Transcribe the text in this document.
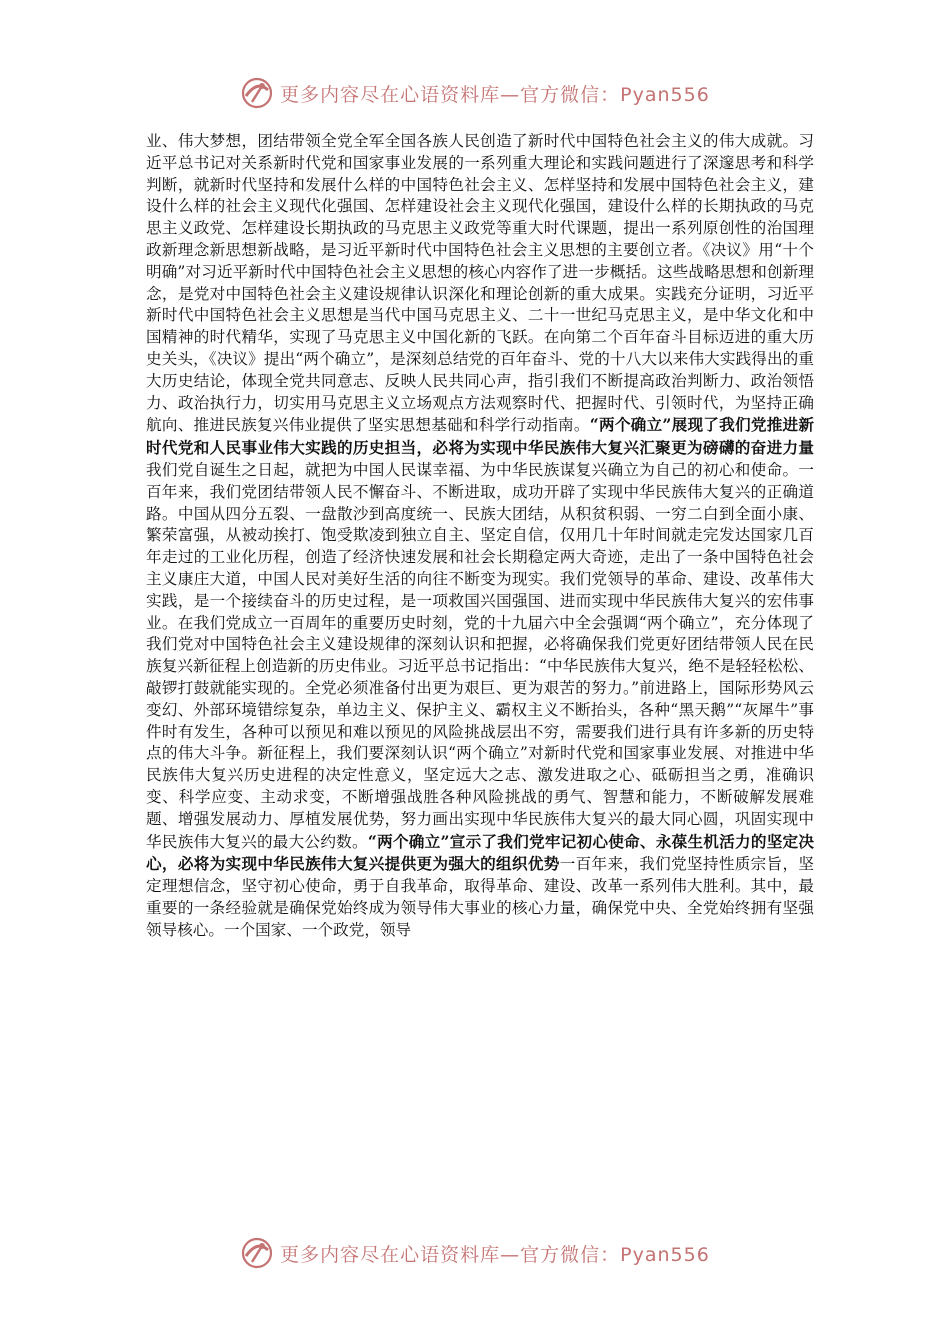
更多内容尽在心语资料库—官方微信：Pyan556

业、伟大梦想，团结带领全党全军全国各族人民创造了新时代中国特色社会主义的伟大成就。习近平总书记对关系新时代党和国家事业发展的一系列重大理论和实践问题进行了深邃思考和科学判断，就新时代坚持和发展什么样的中国特色社会主义、怎样坚持和发展中国特色社会主义，建设什么样的社会主义现代化强国、怎样建设社会主义现代化强国，建设什么样的长期执政的马克思主义政党、怎样建设长期执政的马克思主义政党等重大时代课题，提出一系列原创性的治国理政新理念新思想新战略，是习近平新时代中国特色社会主义思想的主要创立者。《决议》用“十个明确”对习近平新时代中国特色社会主义思想的核心内容作了进一步概括。这些战略思想和创新理念，是党对中国特色社会主义建设规律认识深化和理论创新的重大成果。实践充分证明，习近平新时代中国特色社会主义思想是当代中国马克思主义、二十一世纪马克思主义，是中华文化和中国精神的时代精华，实现了马克思主义中国化新的飞跃。在向第二个百年奋斗目标迈进的重大历史关头，《决议》提出“两个确立”，是深刻总结党的百年奋斗、党的十八大以来伟大实践得出的重大历史结论，体现全党共同意志、反映人民共同心声，指引我们不断提高政治判断力、政治领悟力、政治执行力，切实用马克思主义立场观点方法观察时代、把握时代、引领时代，为坚持正确航向、推进民族复兴伟业提供了坚实思想基础和科学行动指南。“两个确立”展现了我们党推进新时代党和人民事业伟大实践的历史担当，必将为实现中华民族伟大复兴汇聚更为磅礴的奋进力量我们党自诞生之日起，就把为中国人民谋幸福、为中华民族谋复兴确立为自己的初心和使命。一百年来，我们党团结带领人民不懈奋斗、不断进取，成功开辟了实现中华民族伟大复兴的正确道路。中国从四分五裂、一盘散沙到高度统一、民族大团结，从积贫积弱、一穷二白到全面小康、繁荣富强，从被动挨打、饱受欺凌到独立自主、坚定自信，仅用几十年时间就走完发达国家几百年走过的工业化历程，创造了经济快速发展和社会长期稳定两大奇迹，走出了一条中国特色社会主义康庄大道，中国人民对美好生活的向往不断变为现实。我们党领导的革命、建设、改革伟大实践，是一个接续奋斗的历史过程，是一项救国兴国强国、进而实现中华民族伟大复兴的宏伟事业。在我们党成立一百周年的重要历史时刻，党的十九届六中全会强调“两个确立”，充分体现了我们党对中国特色社会主义建设规律的深刻认识和把握，必将确保我们党更好团结带领人民在民族复兴新征程上创造新的历史伟业。习近平总书记指出：“中华民族伟大复兴，绝不是轻轻松松、敲锣打鼓就能实现的。全党必须准备付出更为艰巨、更为艰苦的努力。”前进路上，国际形势风云变幻、外部环境错综复杂，单边主义、保护主义、霸权主义不断抬头，各种“黑天鹅”“灰犀牛”事件时有发生，各种可以预见和难以预见的风险挑战层出不穷，需要我们进行具有许多新的历史特点的伟大斗争。新征程上，我们要深刻认识“两个确立”对新时代党和国家事业发展、对推进中华民族伟大复兴历史进程的决定性意义，坚定远大之志、激发进取之心、砥砺担当之勇，准确识变、科学应变、主动求变，不断增强战胜各种风险挑战的勇气、智慧和能力，不断破解发展难题、增强发展动力、厚植发展优势，努力画出实现中华民族伟大复兴的最大同心圆，巩固实现中华民族伟大复兴的最大公约数。“两个确立”宣示了我们党牢记初心使命、永葆生机活力的坚定决心，必将为实现中华民族伟大复兴提供更为强大的组织优势一百年来，我们党坚持性质宗旨，坚定理想信念，坚守初心使命，勇于自我革命，取得革命、建设、改革一系列伟大胜利。其中，最重要的一条经验就是确保党始终成为领导伟大事业的核心力量，确保党中央、全党始终拥有坚强领导核心。一个国家、一个政党，领导

更多内容尽在心语资料库—官方微信：Pyan556
